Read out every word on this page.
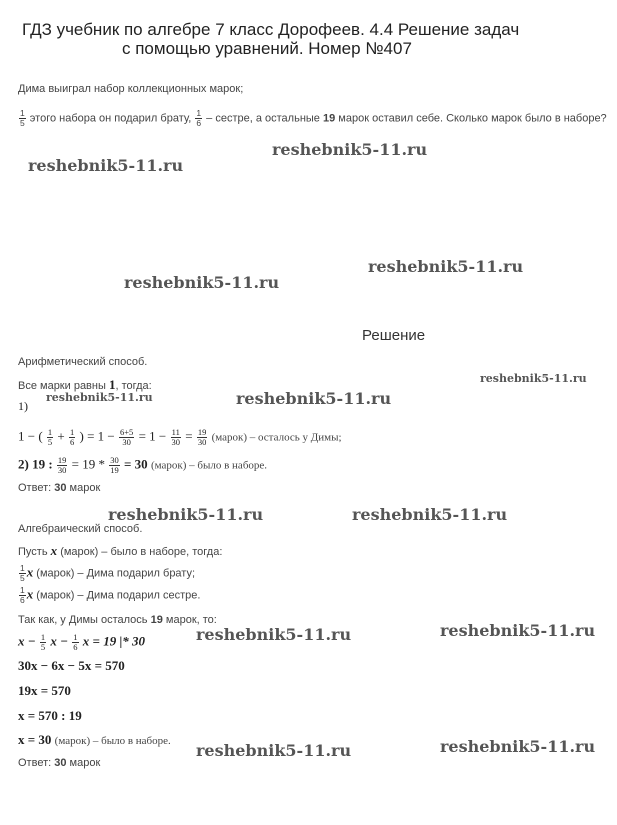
ГДЗ учебник по алгебре 7 класс Дорофеев. 4.4 Решение задач
с помощью уравнений. Номер №407
Дима выиграл набор коллекционных марок;
$\frac{1}{5}$ этого набора он подарил брату, $\frac{1}{6}$ – сестре, а остальные 19 марок оставил себе. Сколько марок было в наборе?
reshebnik5-11.ru
reshebnik5-11.ru
reshebnik5-11.ru
reshebnik5-11.ru
Решение
Арифметический способ.
reshebnik5-11.ru
Все марки равны 1, тогда:
1)
reshebnik5-11.ru	reshebnik5-11.ru
1 − ( $\frac{1}{5} + \frac{1}{6}$ ) = $1 - \frac{6+5}{30} = 1 - \frac{11}{30} = \frac{19}{30}$ (марок) – осталось у Димы;
2) 19 : $\frac{19}{30} = 19 * \frac{30}{19} = 30$ (марок) – было в наборе.
Ответ: 30 марок
reshebnik5-11.ru	reshebnik5-11.ru
Алгебраический способ.
Пусть x (марок) – было в наборе, тогда:
$\frac{1}{5}$ x (марок) – Дима подарил брату;
$\frac{1}{6}$ x (марок) – Дима подарил сестре.
Так как, у Димы осталось 19 марок, то:
reshebnik5-11.ru
reshebnik5-11.ru
$x - \frac{1}{5}$ $x - \frac{1}{6}$ x = 19 |* 30
30x − 6x − 5x = 570
19x = 570
x = 570 : 19
x = 30 (марок) – было в наборе.	reshebnik5-11.ru
reshebnik5-11.ru
Ответ: 30 марок
